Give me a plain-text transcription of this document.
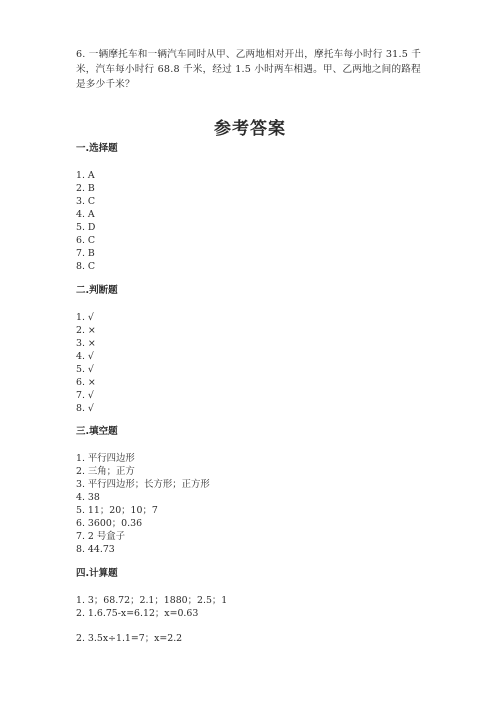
6. 一辆摩托车和一辆汽车同时从甲、乙两地相对开出，摩托车每小时行 31.5 千
米，汽车每小时行 68.8 千米，经过 1.5 小时两车相遇。甲、乙两地之间的路程
是多少千米？
参考答案
一.选择题
1. A
2. B
3. C
4. A
5. D
6. C
7. B
8. C
二.判断题
1. √
2. ×
3. ×
4. √
5. √
6. ×
7. √
8. √
三.填空题
1. 平行四边形
2. 三角；正方
3. 平行四边形；长方形；正方形
4. 38
5. 11；20；10；7
6. 3600；0.36
7. 2 号盒子
8. 44.73
四.计算题
1. 3；68.72；2.1；1880；2.5；1
2. 1.6.75-x=6.12；x=0.63
2. 3.5x÷1.1=7；x=2.2
